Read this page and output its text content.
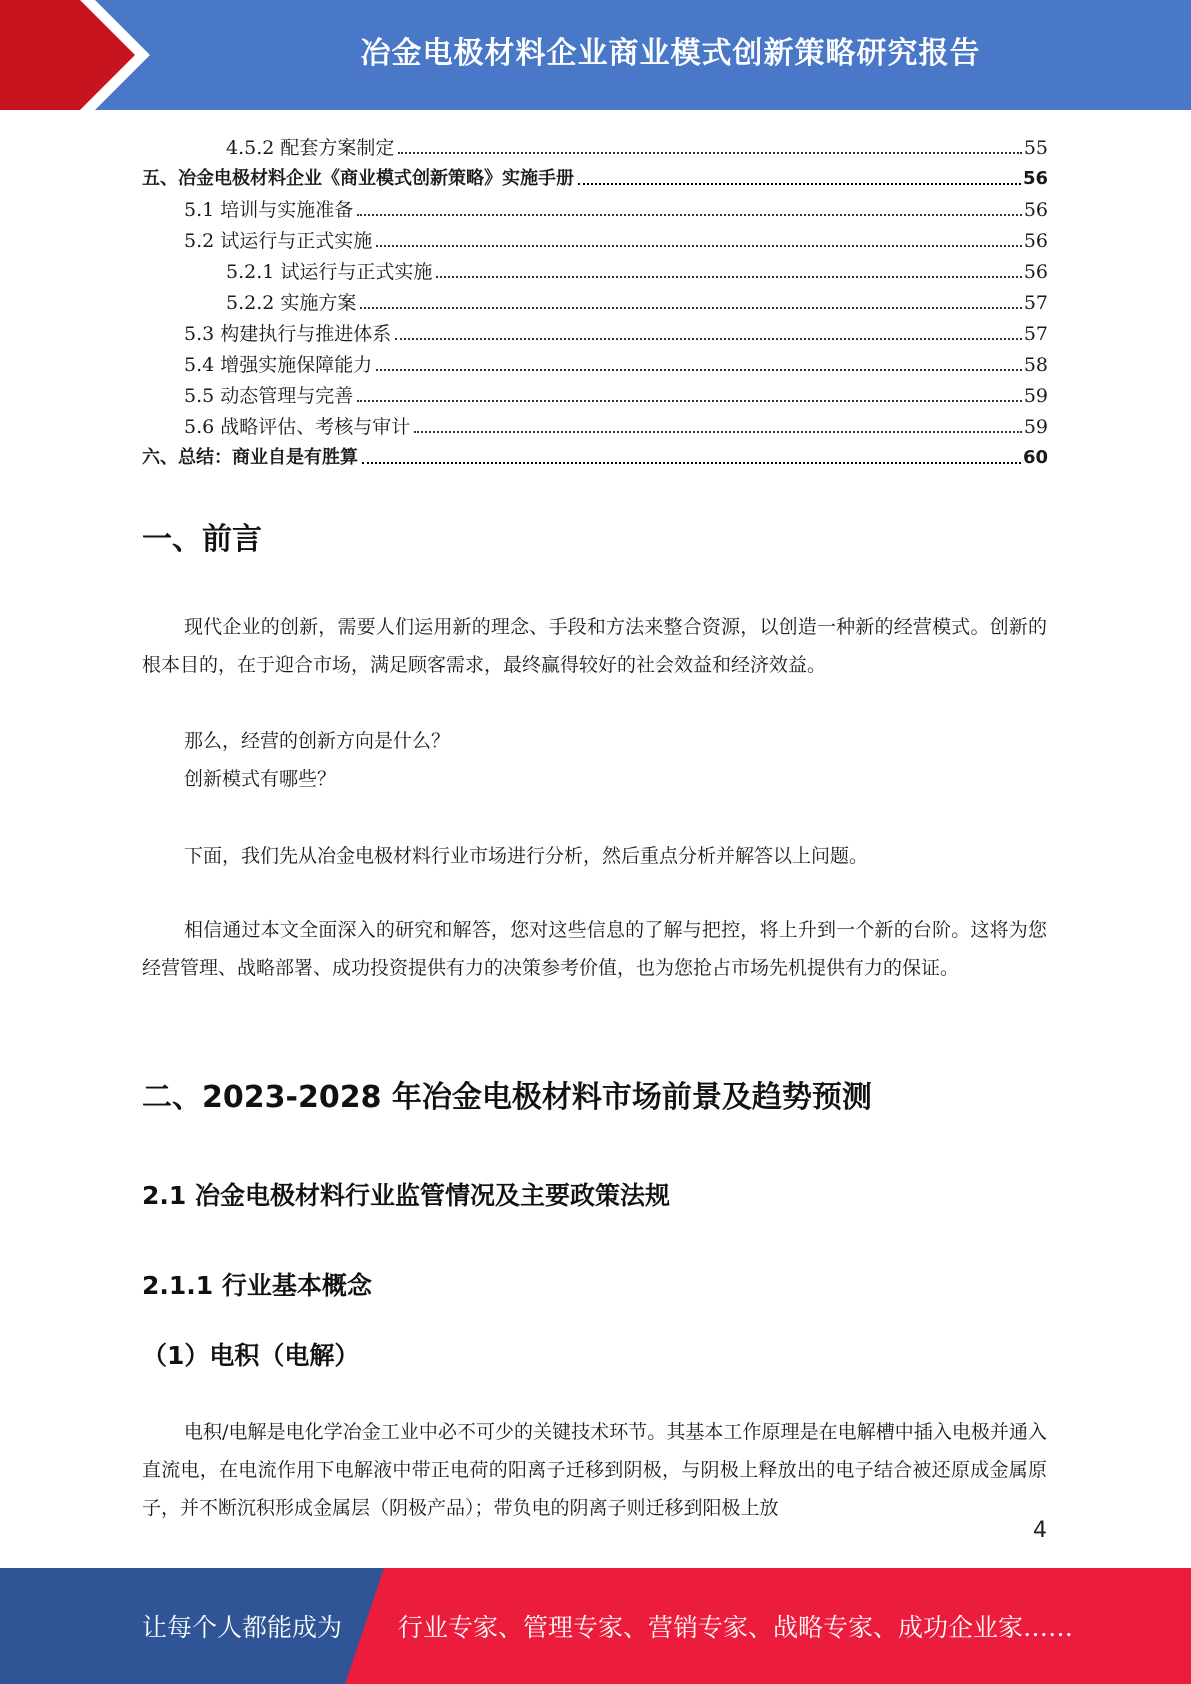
冶金电极材料企业商业模式创新策略研究报告
4.5.2 配套方案制定	55
五、冶金电极材料企业《商业模式创新策略》实施手册	56
5.1 培训与实施准备	56
5.2 试运行与正式实施	56
5.2.1 试运行与正式实施	56
5.2.2 实施方案	57
5.3 构建执行与推进体系	57
5.4 增强实施保障能力	58
5.5 动态管理与完善	59
5.6 战略评估、考核与审计	59
六、总结：商业自是有胜算	60
一、前言

现代企业的创新，需要人们运用新的理念、手段和方法来整合资源，以创造一种新的经营模式。创新的根本目的，在于迎合市场，满足顾客需求，最终赢得较好的社会效益和经济效益。

那么，经营的创新方向是什么？
创新模式有哪些？

下面，我们先从冶金电极材料行业市场进行分析，然后重点分析并解答以上问题。

相信通过本文全面深入的研究和解答，您对这些信息的了解与把控，将上升到一个新的台阶。这将为您经营管理、战略部署、成功投资提供有力的决策参考价值，也为您抢占市场先机提供有力的保证。

二、2023-2028 年冶金电极材料市场前景及趋势预测
2.1 冶金电极材料行业监管情况及主要政策法规
2.1.1 行业基本概念
（1）电积（电解）

电积/电解是电化学冶金工业中必不可少的关键技术环节。其基本工作原理是在电解槽中插入电极并通入直流电，在电流作用下电解液中带正电荷的阳离子迁移到阴极，与阴极上释放出的电子结合被还原成金属原子，并不断沉积形成金属层（阴极产品）；带负电的阴离子则迁移到阳极上放

4
让每个人都能成为 行业专家、管理专家、营销专家、战略专家、成功企业家……
